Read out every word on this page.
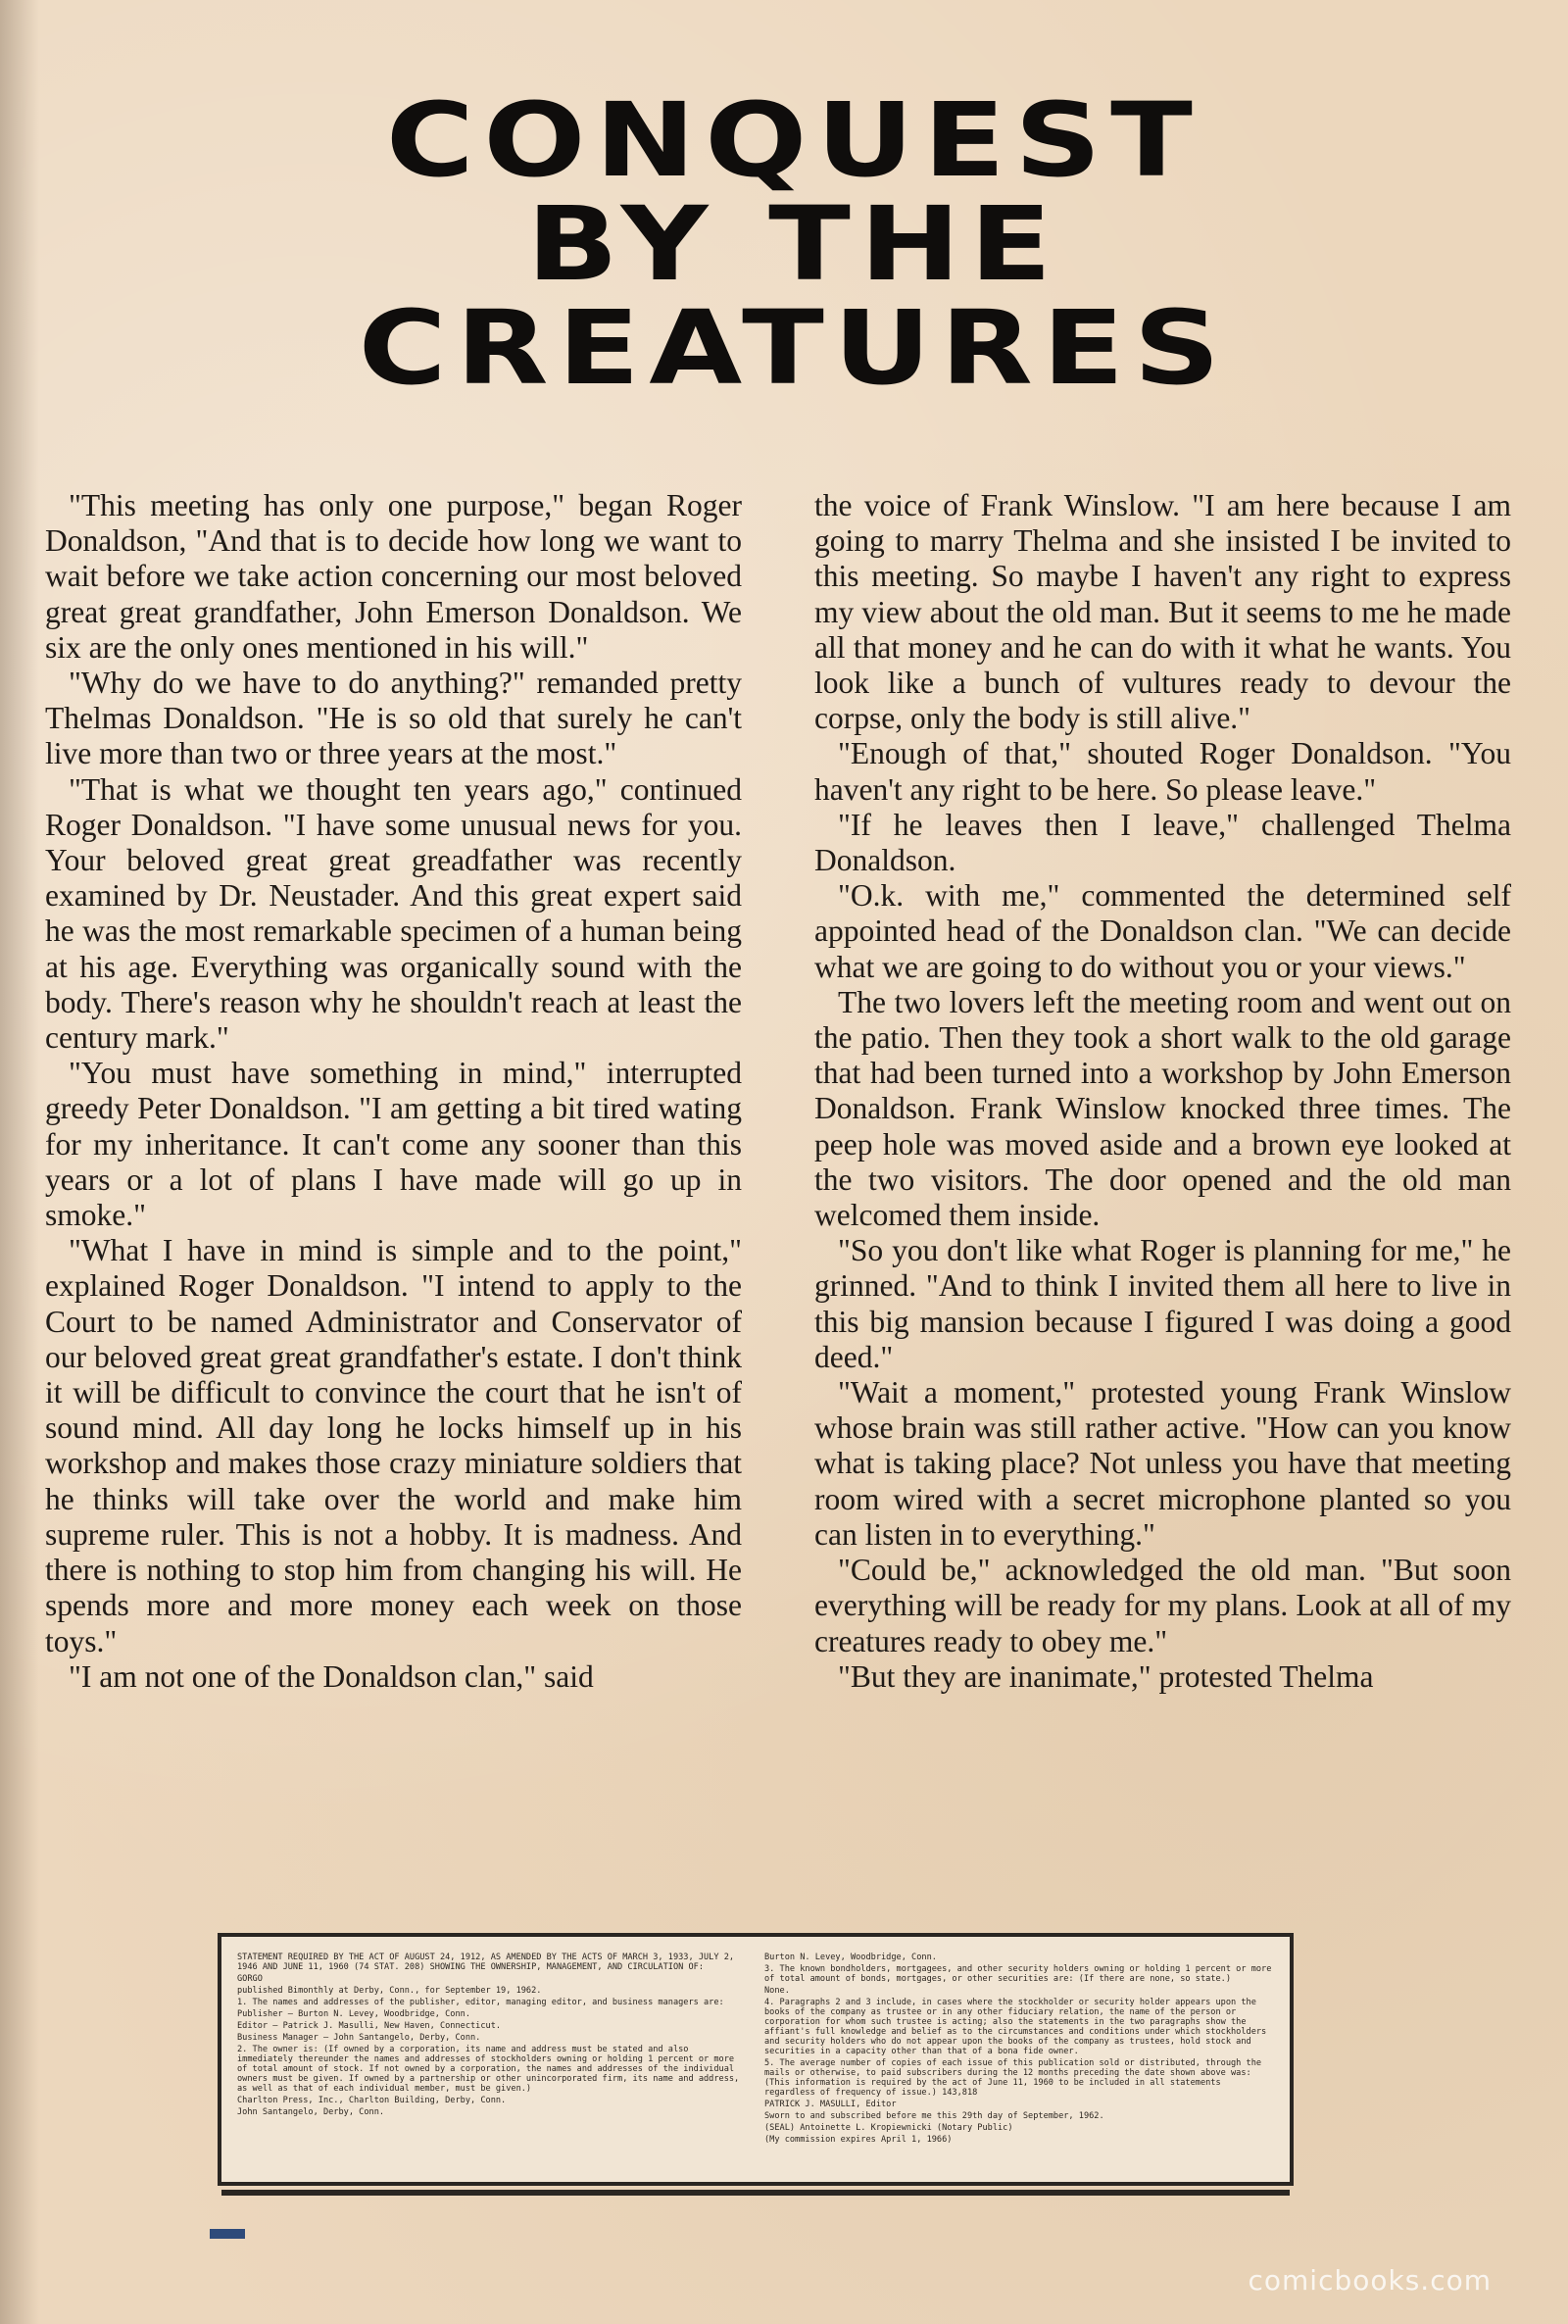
CONQUEST
BY THE
CREATURES

"This meeting has only one purpose," began Roger Donaldson, "And that is to decide how long we want to wait before we take action concerning our most beloved great great grandfather, John Emerson Donaldson. We six are the only ones mentioned in his will."

"Why do we have to do anything?" remanded pretty Thelmas Donaldson. "He is so old that surely he can't live more than two or three years at the most."

"That is what we thought ten years ago," continued Roger Donaldson. "I have some unusual news for you. Your beloved great great greadfather was recently examined by Dr. Neustader. And this great expert said he was the most remarkable specimen of a human being at his age. Everything was organically sound with the body. There's reason why he shouldn't reach at least the century mark."

"You must have something in mind," interrupted greedy Peter Donaldson. "I am getting a bit tired wating for my inheritance. It can't come any sooner than this years or a lot of plans I have made will go up in smoke."

"What I have in mind is simple and to the point," explained Roger Donaldson. "I intend to apply to the Court to be named Administrator and Conservator of our beloved great great grandfather's estate. I don't think it will be difficult to convince the court that he isn't of sound mind. All day long he locks himself up in his workshop and makes those crazy miniature soldiers that he thinks will take over the world and make him supreme ruler. This is not a hobby. It is madness. And there is nothing to stop him from changing his will. He spends more and more money each week on those toys."

"I am not one of the Donaldson clan," said

the voice of Frank Winslow. "I am here because I am going to marry Thelma and she insisted I be invited to this meeting. So maybe I haven't any right to express my view about the old man. But it seems to me he made all that money and he can do with it what he wants. You look like a bunch of vultures ready to devour the corpse, only the body is still alive."

"Enough of that," shouted Roger Donaldson. "You haven't any right to be here. So please leave."

"If he leaves then I leave," challenged Thelma Donaldson.

"O.k. with me," commented the determined self appointed head of the Donaldson clan. "We can decide what we are going to do without you or your views."

The two lovers left the meeting room and went out on the patio. Then they took a short walk to the old garage that had been turned into a workshop by John Emerson Donaldson. Frank Winslow knocked three times. The peep hole was moved aside and a brown eye looked at the two visitors. The door opened and the old man welcomed them inside.

"So you don't like what Roger is planning for me," he grinned. "And to think I invited them all here to live in this big mansion because I figured I was doing a good deed."

"Wait a moment," protested young Frank Winslow whose brain was still rather active. "How can you know what is taking place? Not unless you have that meeting room wired with a secret microphone planted so you can listen in to everything."

"Could be," acknowledged the old man. "But soon everything will be ready for my plans. Look at all of my creatures ready to obey me."

"But they are inanimate," protested Thelma

STATEMENT REQUIRED BY THE ACT OF AUGUST 24, 1912, AS AMENDED BY THE ACTS OF MARCH 3, 1933, JULY 2, 1946 AND JUNE 11, 1960 (74 STAT. 208) SHOWING THE OWNERSHIP, MANAGEMENT, AND CIRCULATION OF:

GORGO

published Bimonthly at Derby, Conn., for September 19, 1962.

1. The names and addresses of the publisher, editor, managing editor, and business managers are:

Publisher — Burton N. Levey, Woodbridge, Conn.

Editor — Patrick J. Masulli, New Haven, Connecticut.

Business Manager — John Santangelo, Derby, Conn.

2. The owner is: (If owned by a corporation, its name and address must be stated and also immediately thereunder the names and addresses of stockholders owning or holding 1 percent or more of total amount of stock. If not owned by a corporation, the names and addresses of the individual owners must be given. If owned by a partnership or other unincorporated firm, its name and address, as well as that of each individual member, must be given.)

Charlton Press, Inc., Charlton Building, Derby, Conn.

John Santangelo, Derby, Conn.

Burton N. Levey, Woodbridge, Conn.

3. The known bondholders, mortgagees, and other security holders owning or holding 1 percent or more of total amount of bonds, mortgages, or other securities are: (If there are none, so state.)

None.

4. Paragraphs 2 and 3 include, in cases where the stockholder or security holder appears upon the books of the company as trustee or in any other fiduciary relation, the name of the person or corporation for whom such trustee is acting; also the statements in the two paragraphs show the affiant's full knowledge and belief as to the circumstances and conditions under which stockholders and security holders who do not appear upon the books of the company as trustees, hold stock and securities in a capacity other than that of a bona fide owner.

5. The average number of copies of each issue of this publication sold or distributed, through the mails or otherwise, to paid subscribers during the 12 months preceding the date shown above was: (This information is required by the act of June 11, 1960 to be included in all statements regardless of frequency of issue.) 143,818

PATRICK J. MASULLI, Editor

Sworn to and subscribed before me this 29th day of September, 1962.

(SEAL) Antoinette L. Kropiewnicki (Notary Public)

(My commission expires April 1, 1966)

comicbooks.com
